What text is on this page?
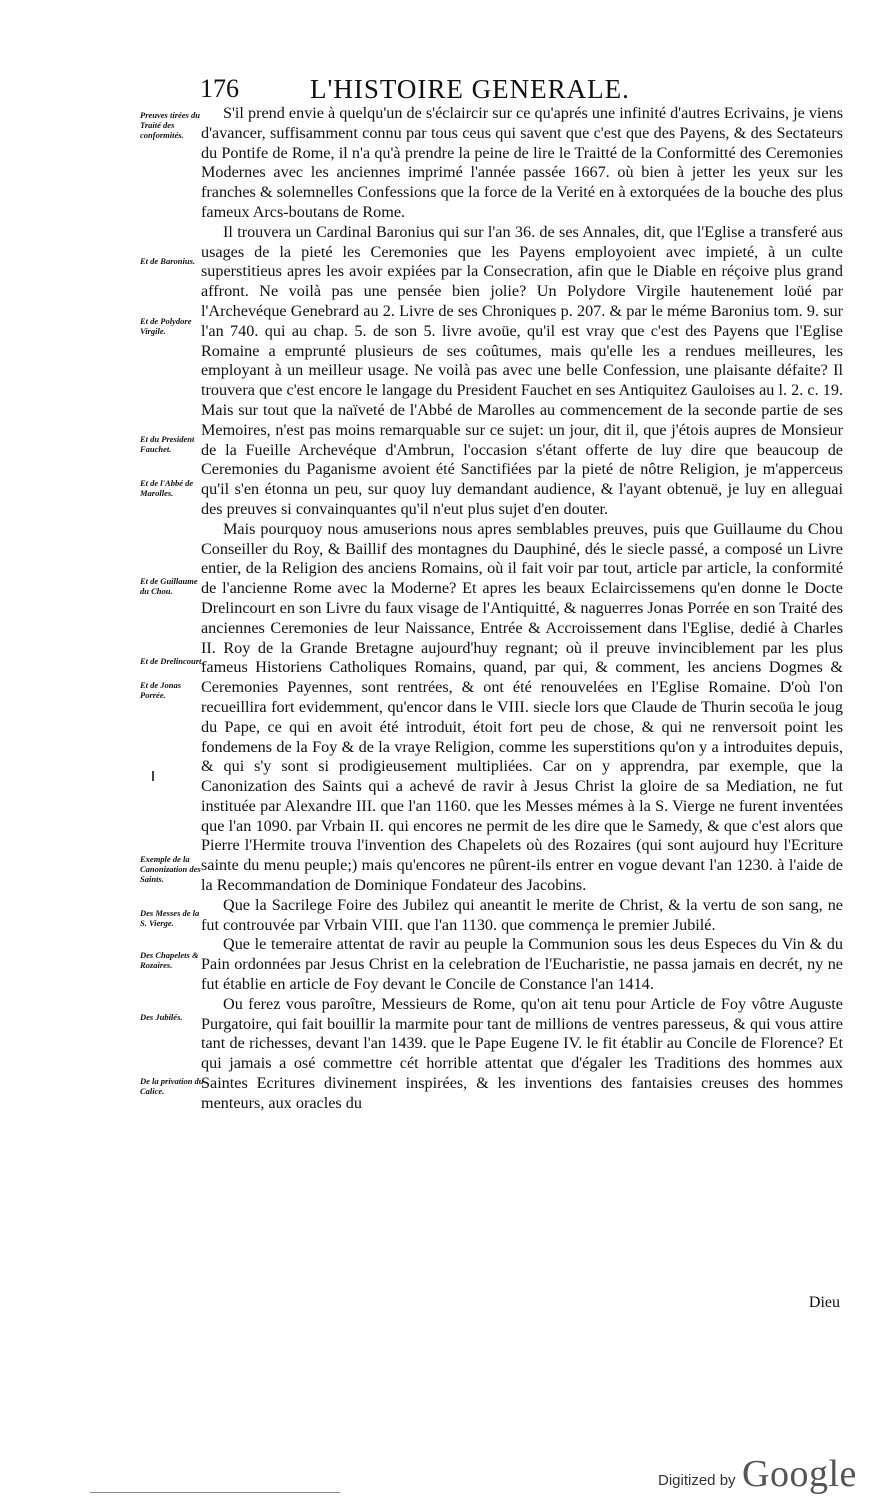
176	L'HISTOIRE GENERALE.
Preuves tirées du Traité des conformités.
Et de Baronius.
Et de Polydore Virgile.
Et du President Fauchet.
Et de l'Abbé de Marolles.
Et de Guillaume du Chou.
Et de Drelincourt.
Et de Jonas Porrée.
Exemple de la Canonization des Saints.
Des Messes de la S. Vierge.
Des Chapelets & Rozaires.
Des Jubilés.
De la privation du Calice.

S'il prend envie à quelqu'un de s'éclaircir sur ce qu'aprés une infinité d'autres Ecrivains, je viens d'avancer, suffisamment connu par tous ceus qui savent que c'est que des Payens, & des Sectateurs du Pontife de Rome, il n'a qu'à prendre la peine de lire le Traitté de la Conformitté des Ceremonies Modernes avec les anciennes imprimé l'année passée 1667. où bien à jetter les yeux sur les franches & solemnelles Confessions que la force de la Verité en à extorquées de la bouche des plus fameux Arcs-boutans de Rome.

Il trouvera un Cardinal Baronius qui sur l'an 36. de ses Annales, dit, que l'Eglise a transferé aus usages de la pieté les Ceremonies que les Payens employoient avec impieté, à un culte superstitieus apres les avoir expiées par la Consecration, afin que le Diable en réçoive plus grand affront. Ne voilà pas une pensée bien jolie? Un Polydore Virgile hautenement loüé par l'Archevéque Genebrard au 2. Livre de ses Chroniques p. 207. & par le méme Baronius tom. 9. sur l'an 740. qui au chap. 5. de son 5. livre avoüe, qu'il est vray que c'est des Payens que l'Eglise Romaine a emprunté plusieurs de ses coûtumes, mais qu'elle les a rendues meilleures, les employant à un meilleur usage. Ne voilà pas avec une belle Confession, une plaisante défaite? Il trouvera que c'est encore le langage du President Fauchet en ses Antiquitez Gauloises au l. 2. c. 19. Mais sur tout que la naïveté de l'Abbé de Marolles au commencement de la seconde partie de ses Memoires, n'est pas moins remarquable sur ce sujet: un jour, dit il, que j'étois aupres de Monsieur de la Fueille Archevéque d'Ambrun, l'occasion s'étant offerte de luy dire que beaucoup de Ceremonies du Paganisme avoient été Sanctifiées par la pieté de nôtre Religion, je m'apperceus qu'il s'en étonna un peu, sur quoy luy demandant audience, & l'ayant obtenuë, je luy en alleguai des preuves si convainquantes qu'il n'eut plus sujet d'en douter.

Mais pourquoy nous amuserions nous apres semblables preuves, puis que Guillaume du Chou Conseiller du Roy, & Baillif des montagnes du Dauphiné, dés le siecle passé, a composé un Livre entier, de la Religion des anciens Romains, où il fait voir par tout, article par article, la conformité de l'ancienne Rome avec la Moderne? Et apres les beaux Eclaircissemens qu'en donne le Docte Drelincourt en son Livre du faux visage de l'Antiquitté, & naguerres Jonas Porrée en son Traité des anciennes Ceremonies de leur Naissance, Entrée & Accroissement dans l'Eglise, dedié à Charles II. Roy de la Grande Bretagne aujourd'huy regnant; où il preuve invinciblement par les plus fameus Historiens Catholiques Romains, quand, par qui, & comment, les anciens Dogmes & Ceremonies Payennes, sont rentrées, & ont été renouvelées en l'Eglise Romaine. D'où l'on recueillira fort evidemment, qu'encor dans le VIII. siecle lors que Claude de Thurin secoüa le joug du Pape, ce qui en avoit été introduit, étoit fort peu de chose, & qui ne renversoit point les fondemens de la Foy & de la vraye Religion, comme les superstitions qu'on y a introduites depuis, & qui s'y sont si prodigieusement multipliées. Car on y apprendra, par exemple, que la Canonization des Saints qui a achevé de ravir à Jesus Christ la gloire de sa Mediation, ne fut instituée par Alexandre III. que l'an 1160. que les Messes mémes à la S. Vierge ne furent inventées que l'an 1090. par Vrbain II. qui encores ne permit de les dire que le Samedy, & que c'est alors que Pierre l'Hermite trouva l'invention des Chapelets où des Rozaires (qui sont aujourd huy l'Ecriture sainte du menu peuple;) mais qu'encores ne pûrent-ils entrer en vogue devant l'an 1230. à l'aide de la Recommandation de Dominique Fondateur des Jacobins.

Que la Sacrilege Foire des Jubilez qui aneantit le merite de Christ, & la vertu de son sang, ne fut controuvée par Vrbain VIII. que l'an 1130. que commença le premier Jubilé.

Que le temeraire attentat de ravir au peuple la Communion sous les deus Especes du Vin & du Pain ordonnées par Jesus Christ en la celebration de l'Eucharistie, ne passa jamais en decrét, ny ne fut établie en article de Foy devant le Concile de Constance l'an 1414.

Ou ferez vous paroître, Messieurs de Rome, qu'on ait tenu pour Article de Foy vôtre Auguste Purgatoire, qui fait bouillir la marmite pour tant de millions de ventres paresseus, & qui vous attire tant de richesses, devant l'an 1439. que le Pape Eugene IV. le fit établir au Concile de Florence? Et qui jamais a osé commettre cét horrible attentat que d'égaler les Traditions des hommes aux Saintes Ecritures divinement inspirées, & les inventions des fantaisies creuses des hommes menteurs, aux oracles du

Dieu
Digitized by Google
